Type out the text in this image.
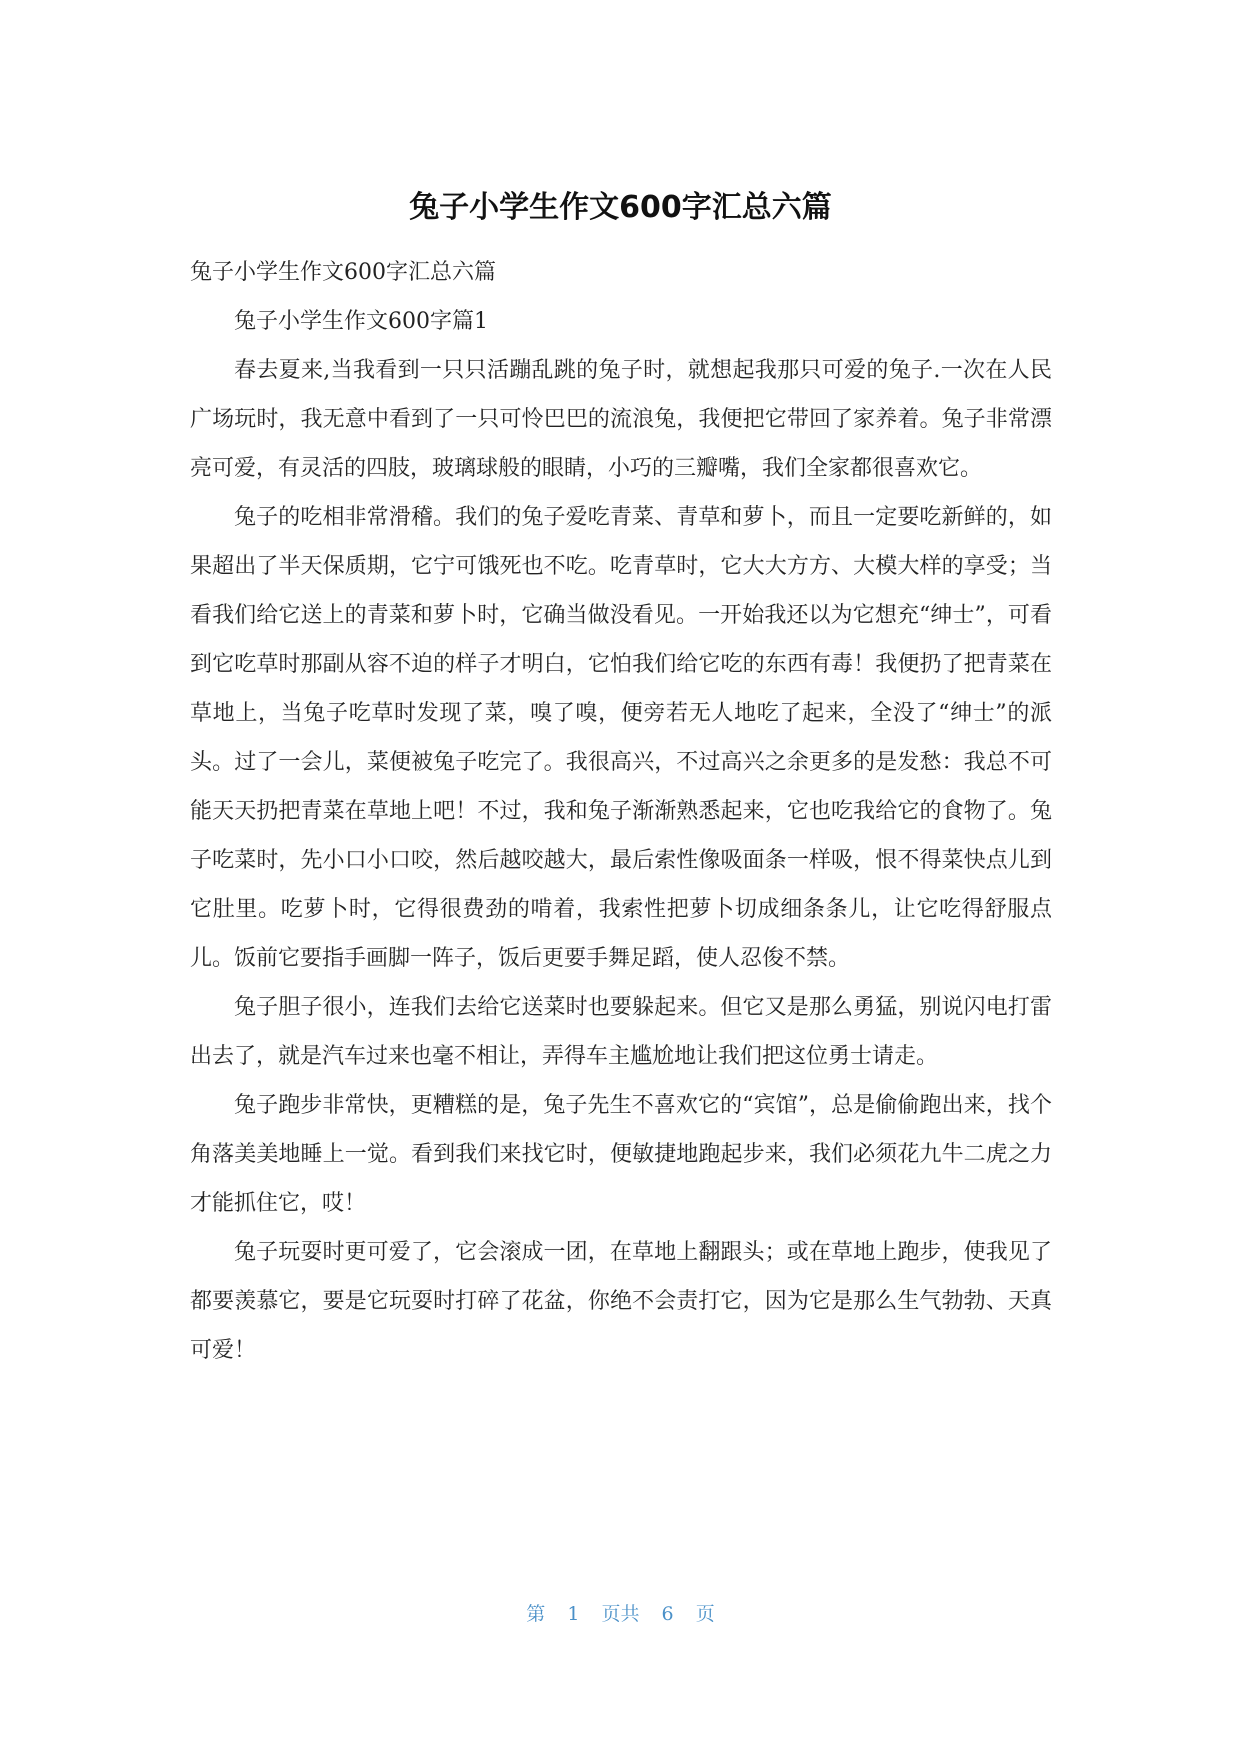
兔子小学生作文600字汇总六篇

兔子小学生作文600字汇总六篇

兔子小学生作文600字篇1

春去夏来,当我看到一只只活蹦乱跳的兔子时，就想起我那只可爱的兔子.一次在人民广场玩时，我无意中看到了一只可怜巴巴的流浪兔，我便把它带回了家养着。兔子非常漂亮可爱，有灵活的四肢，玻璃球般的眼睛，小巧的三瓣嘴，我们全家都很喜欢它。

兔子的吃相非常滑稽。我们的兔子爱吃青菜、青草和萝卜，而且一定要吃新鲜的，如果超出了半天保质期，它宁可饿死也不吃。吃青草时，它大大方方、大模大样的享受；当看我们给它送上的青菜和萝卜时，它确当做没看见。一开始我还以为它想充“绅士”，可看到它吃草时那副从容不迫的样子才明白，它怕我们给它吃的东西有毒！我便扔了把青菜在草地上，当兔子吃草时发现了菜，嗅了嗅，便旁若无人地吃了起来，全没了“绅士”的派头。过了一会儿，菜便被兔子吃完了。我很高兴，不过高兴之余更多的是发愁：我总不可能天天扔把青菜在草地上吧！不过，我和兔子渐渐熟悉起来，它也吃我给它的食物了。兔子吃菜时，先小口小口咬，然后越咬越大，最后索性像吸面条一样吸，恨不得菜快点儿到它肚里。吃萝卜时，它得很费劲的啃着，我索性把萝卜切成细条条儿，让它吃得舒服点儿。饭前它要指手画脚一阵子，饭后更要手舞足蹈，使人忍俊不禁。

兔子胆子很小，连我们去给它送菜时也要躲起来。但它又是那么勇猛，别说闪电打雷出去了，就是汽车过来也毫不相让，弄得车主尴尬地让我们把这位勇士请走。

兔子跑步非常快，更糟糕的是，兔子先生不喜欢它的“宾馆”，总是偷偷跑出来，找个角落美美地睡上一觉。看到我们来找它时，便敏捷地跑起步来，我们必须花九牛二虎之力才能抓住它，哎！

兔子玩耍时更可爱了，它会滚成一团，在草地上翻跟头；或在草地上跑步，使我见了都要羡慕它，要是它玩耍时打碎了花盆，你绝不会责打它，因为它是那么生气勃勃、天真可爱！

第 1 页共 6 页
